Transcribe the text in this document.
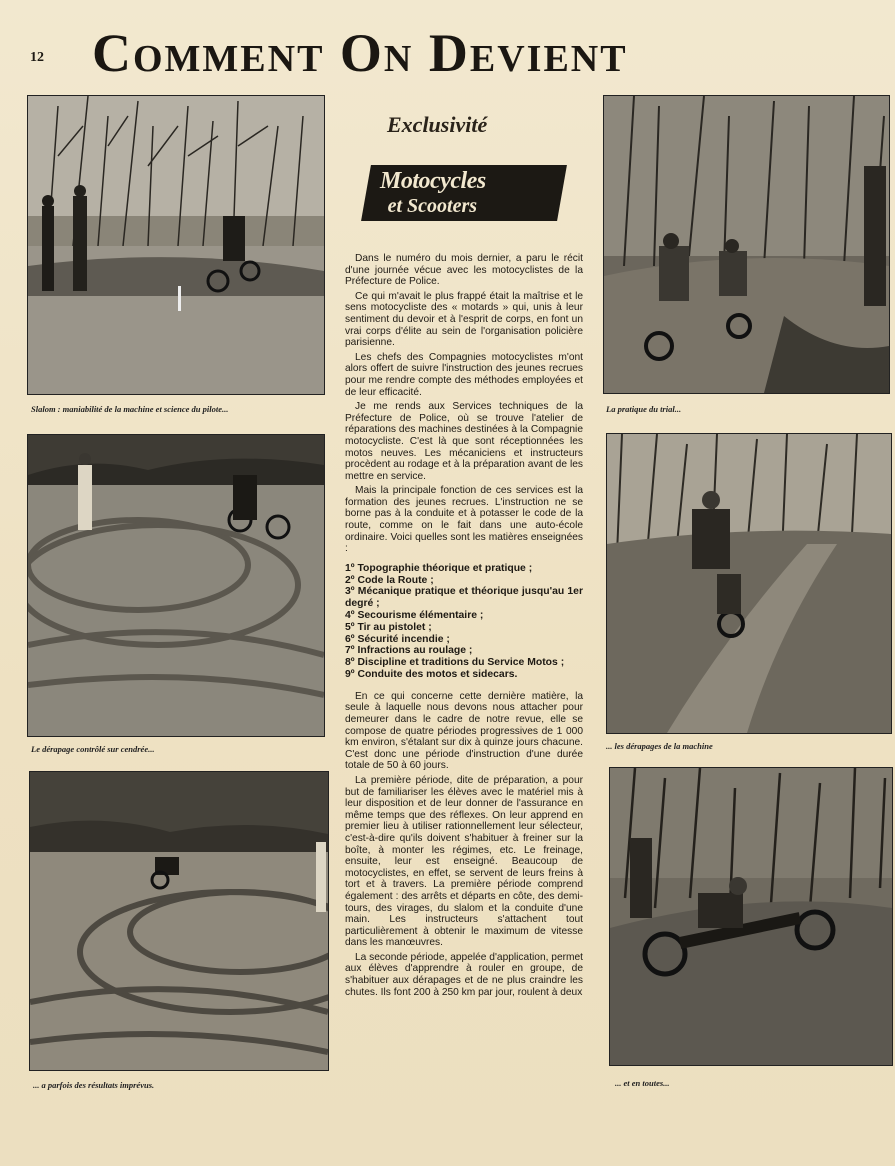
12 Comment On Devient
Slalom : maniabilité de la machine et science du pilote...
Le dérapage contrôlé sur cendrée...
... a parfois des résultats imprévus.
La pratique du trial...
... les dérapages de la machine
... et en toutes...
Exclusivité
Motocycles
et Scooters

Dans le numéro du mois dernier, a paru le récit d'une journée vécue avec les motocyclistes de la Préfecture de Police.

Ce qui m'avait le plus frappé était la maîtrise et le sens motocycliste des « motards » qui, unis à leur sentiment du devoir et à l'esprit de corps, en font un vrai corps d'élite au sein de l'organisation policière parisienne.

Les chefs des Compagnies motocyclistes m'ont alors offert de suivre l'instruction des jeunes recrues pour me rendre compte des méthodes employées et de leur efficacité.

Je me rends aux Services techniques de la Préfecture de Police, où se trouve l'atelier de réparations des machines destinées à la Compagnie motocycliste. C'est là que sont réceptionnées les motos neuves. Les mécaniciens et instructeurs procèdent au rodage et à la préparation avant de les mettre en service.

Mais la principale fonction de ces services est la formation des jeunes recrues. L'instruction ne se borne pas à la conduite et à potasser le code de la route, comme on le fait dans une auto-école ordinaire. Voici quelles sont les matières enseignées :

1º Topographie théorique et pratique ;
2º Code la Route ;
3º Mécanique pratique et théorique jusqu'au 1er degré ;
4º Secourisme élémentaire ;
5º Tir au pistolet ;
6º Sécurité incendie ;
7º Infractions au roulage ;
8º Discipline et traditions du Service Motos ;
9º Conduite des motos et sidecars.

En ce qui concerne cette dernière matière, la seule à laquelle nous devons nous attacher pour demeurer dans le cadre de notre revue, elle se compose de quatre périodes progressives de 1 000 km environ, s'étalant sur dix à quinze jours chacune. C'est donc une période d'instruction d'une durée totale de 50 à 60 jours.

La première période, dite de préparation, a pour but de familiariser les élèves avec le matériel mis à leur disposition et de leur donner de l'assurance en même temps que des réflexes. On leur apprend en premier lieu à utiliser rationnellement leur sélecteur, c'est-à-dire qu'ils doivent s'habituer à freiner sur la boîte, à monter les régimes, etc. Le freinage, ensuite, leur est enseigné. Beaucoup de motocyclistes, en effet, se servent de leurs freins à tort et à travers. La première période comprend également : des arrêts et départs en côte, des demi-tours, des virages, du slalom et la conduite d'une main. Les instructeurs s'attachent tout particulièrement à obtenir le maximum de vitesse dans les manœuvres.

La seconde période, appelée d'application, permet aux élèves d'apprendre à rouler en groupe, de s'habituer aux dérapages et de ne plus craindre les chutes. Ils font 200 à 250 km par jour, roulent à deux
